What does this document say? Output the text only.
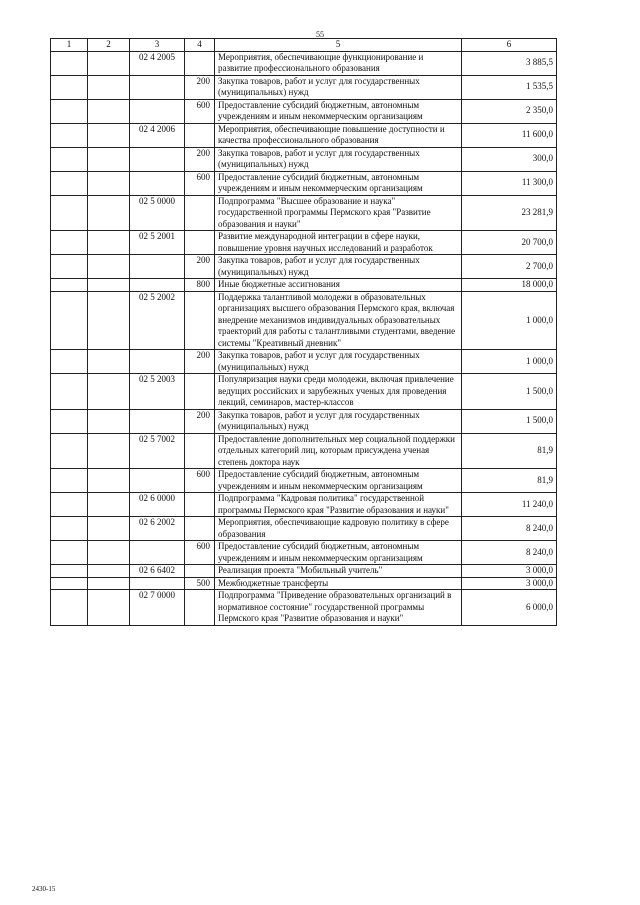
55
1	2	3	4	5	6
		02 4 2005		Мероприятия, обеспечивающие функционирование и развитие профессионального образования	3 885,5
			200	Закупка товаров, работ и услуг для государственных (муниципальных) нужд	1 535,5
			600	Предоставление субсидий бюджетным, автономным учреждениям и иным некоммерческим организациям	2 350,0
		02 4 2006		Мероприятия, обеспечивающие повышение доступности и качества профессионального образования	11 600,0
			200	Закупка товаров, работ и услуг для государственных (муниципальных) нужд	300,0
			600	Предоставление субсидий бюджетным, автономным учреждениям и иным некоммерческим организациям	11 300,0
		02 5 0000		Подпрограмма "Высшее образование и наука" государственной программы Пермского края "Развитие образования и науки"	23 281,9
		02 5 2001		Развитие международной интеграции в сфере науки, повышение уровня научных исследований и разработок	20 700,0
			200	Закупка товаров, работ и услуг для государственных (муниципальных) нужд	2 700,0
			800	Иные бюджетные ассигнования	18 000,0
		02 5 2002		Поддержка талантливой молодежи в образовательных организациях высшего образования Пермского края, включая внедрение механизмов индивидуальных образовательных траекторий для работы с талантливыми студентами, введение системы "Креативный дневник"	1 000,0
			200	Закупка товаров, работ и услуг для государственных (муниципальных) нужд	1 000,0
		02 5 2003		Популяризация науки среди молодежи, включая привлечение ведущих российских и зарубежных ученых для проведения лекций, семинаров, мастер-классов	1 500,0
			200	Закупка товаров, работ и услуг для государственных (муниципальных) нужд	1 500,0
		02 5 7002		Предоставление дополнительных мер социальной поддержки отдельных категорий лиц, которым присуждена ученая степень доктора наук	81,9
			600	Предоставление субсидий бюджетным, автономным учреждениям и иным некоммерческим организациям	81,9
		02 6 0000		Подпрограмма "Кадровая политика" государственной программы Пермского края "Развитие образования и науки"	11 240,0
		02 6 2002		Мероприятия, обеспечивающие кадровую политику в сфере образования	8 240,0
			600	Предоставление субсидий бюджетным, автономным учреждениям и иным некоммерческим организациям	8 240,0
		02 6 6402		Реализация проекта "Мобильный учитель"	3 000,0
			500	Межбюджетные трансферты	3 000,0
		02 7 0000		Подпрограмма "Приведение образовательных организаций в нормативное состояние" государственной программы Пермского края "Развитие образования и науки"	6 000,0
2430-15
